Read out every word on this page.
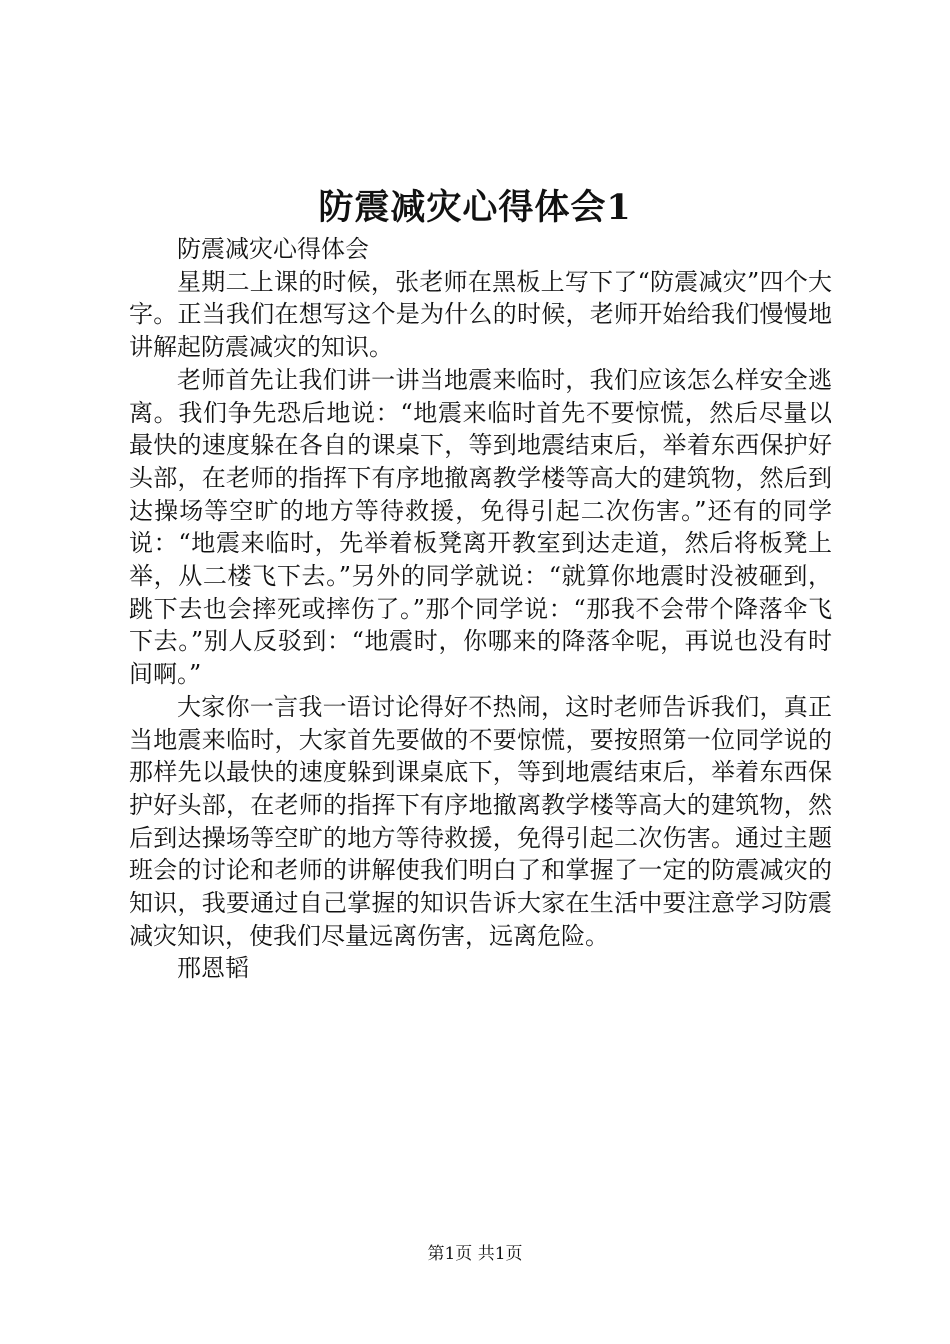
防震减灾心得体会1

防震减灾心得体会

星期二上课的时候，张老师在黑板上写下了“防震减灾”四个大字。正当我们在想写这个是为什么的时候，老师开始给我们慢慢地讲解起防震减灾的知识。

老师首先让我们讲一讲当地震来临时，我们应该怎么样安全逃离。我们争先恐后地说：“地震来临时首先不要惊慌，然后尽量以最快的速度躲在各自的课桌下，等到地震结束后，举着东西保护好头部，在老师的指挥下有序地撤离教学楼等高大的建筑物，然后到达操场等空旷的地方等待救援，免得引起二次伤害。”还有的同学说：“地震来临时，先举着板凳离开教室到达走道，然后将板凳上举，从二楼飞下去。”另外的同学就说：“就算你地震时没被砸到，跳下去也会摔死或摔伤了。”那个同学说：“那我不会带个降落伞飞下去。”别人反驳到：“地震时，你哪来的降落伞呢，再说也没有时间啊。”

大家你一言我一语讨论得好不热闹，这时老师告诉我们，真正当地震来临时，大家首先要做的不要惊慌，要按照第一位同学说的那样先以最快的速度躲到课桌底下，等到地震结束后，举着东西保护好头部，在老师的指挥下有序地撤离教学楼等高大的建筑物，然后到达操场等空旷的地方等待救援，免得引起二次伤害。通过主题班会的讨论和老师的讲解使我们明白了和掌握了一定的防震减灾的知识，我要通过自己掌握的知识告诉大家在生活中要注意学习防震减灾知识，使我们尽量远离伤害，远离危险。

邢恩韬

第1页 共1页
